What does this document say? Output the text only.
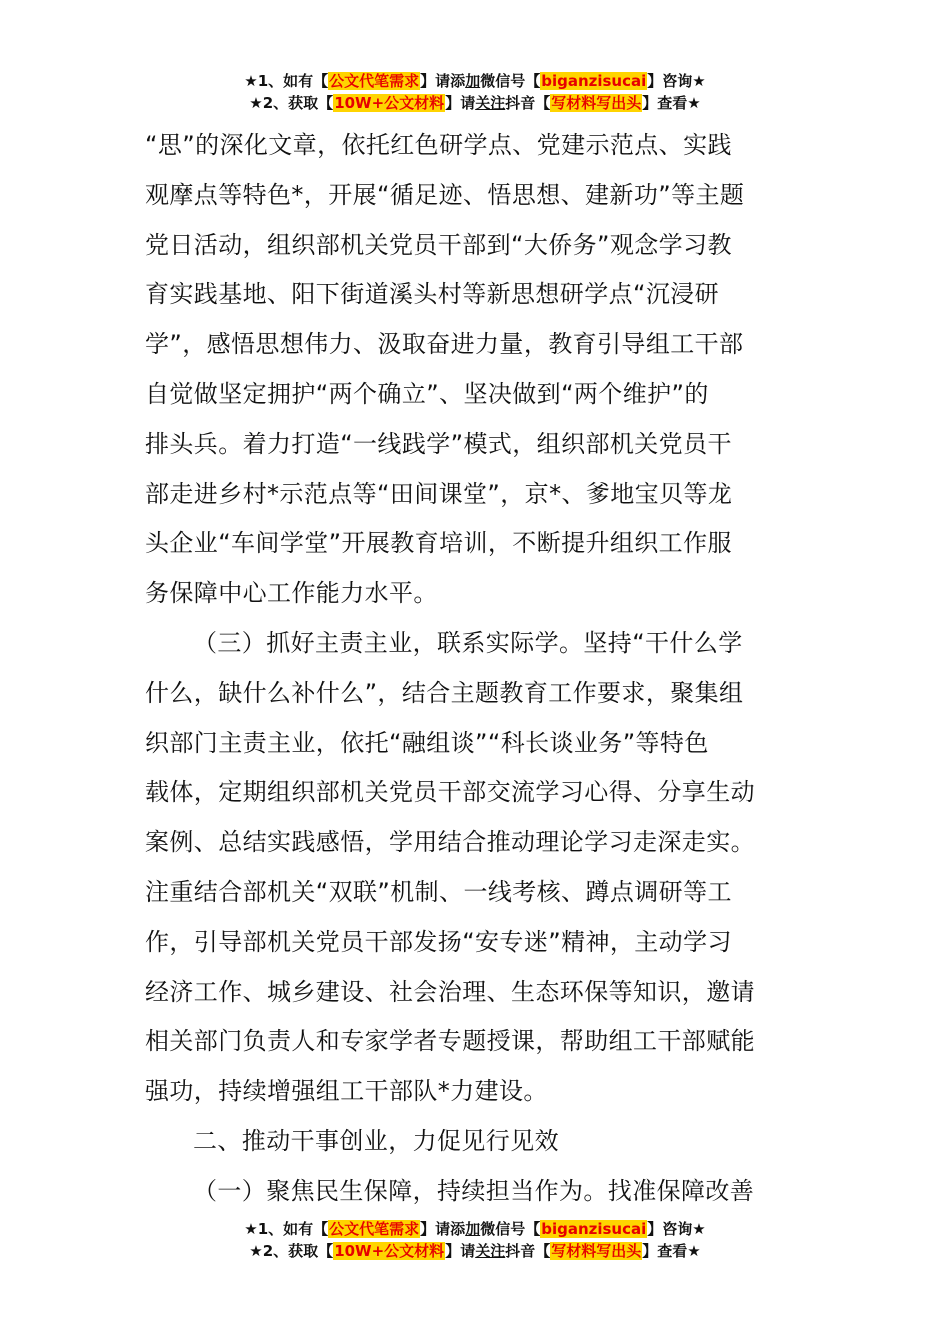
★1、如有【公文代笔需求】请添加微信号【biganzisucai】咨询★
★2、获取【10W+公文材料】请关注抖音【写材料写出头】查看★
“思”的深化文章，依托红色研学点、党建示范点、实践
观摩点等特色*，开展“循足迹、悟思想、建新功”等主题
党日活动，组织部机关党员干部到“大侨务”观念学习教
育实践基地、阳下街道溪头村等新思想研学点“沉浸研
学”，感悟思想伟力、汲取奋进力量，教育引导组工干部
自觉做坚定拥护“两个确立”、坚决做到“两个维护”的
排头兵。着力打造“一线践学”模式，组织部机关党员干
部走进乡村*示范点等“田间课堂”，京*、爹地宝贝等龙
头企业“车间学堂”开展教育培训，不断提升组织工作服
务保障中心工作能力水平。
（三）抓好主责主业，联系实际学。坚持“干什么学
什么，缺什么补什么”，结合主题教育工作要求，聚集组
织部门主责主业，依托“融组谈”“科长谈业务”等特色
载体，定期组织部机关党员干部交流学习心得、分享生动
案例、总结实践感悟，学用结合推动理论学习走深走实。
注重结合部机关“双联”机制、一线考核、蹲点调研等工
作，引导部机关党员干部发扬“安专迷”精神，主动学习
经济工作、城乡建设、社会治理、生态环保等知识，邀请
相关部门负责人和专家学者专题授课，帮助组工干部赋能
强功，持续增强组工干部队*力建设。
二、推动干事创业，力促见行见效
（一）聚焦民生保障，持续担当作为。找准保障改善
★1、如有【公文代笔需求】请添加微信号【biganzisucai】咨询★
★2、获取【10W+公文材料】请关注抖音【写材料写出头】查看★
